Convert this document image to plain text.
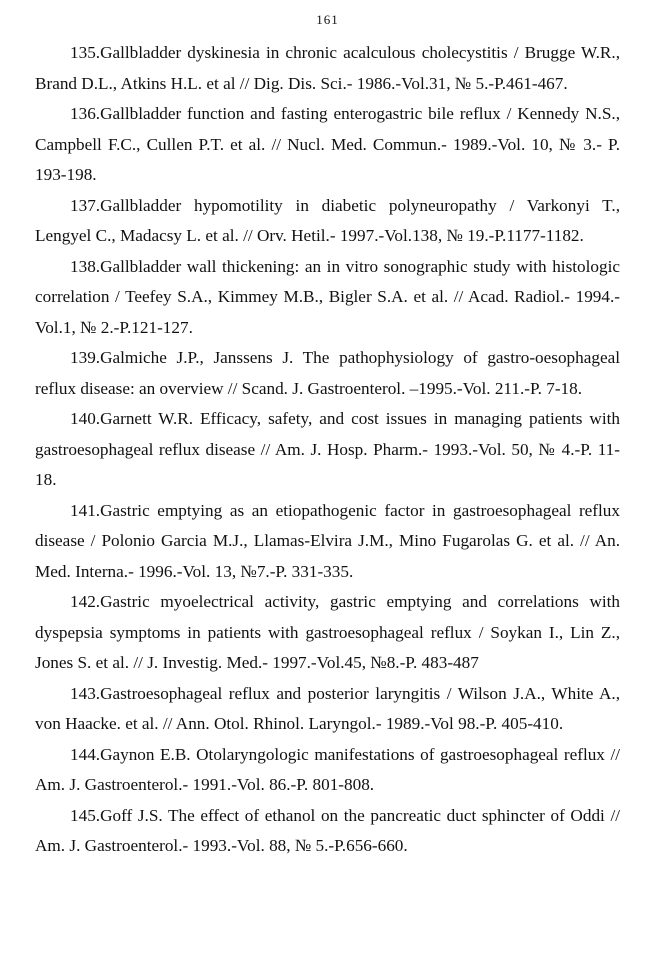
161

135.Gallbladder dyskinesia in chronic acalculous cholecystitis / Brugge W.R., Brand D.L., Atkins H.L. et al // Dig. Dis. Sci.- 1986.-Vol.31, № 5.-P.461-467.

136.Gallbladder function and fasting enterogastric bile reflux / Kennedy N.S., Campbell F.C., Cullen P.T. et al. // Nucl. Med. Commun.- 1989.-Vol. 10, № 3.- P. 193-198.

137.Gallbladder hypomotility in diabetic polyneuropathy / Varkonyi T., Lengyel C., Madacsy L. et al. // Orv. Hetil.- 1997.-Vol.138, № 19.-P.1177-1182.

138.Gallbladder wall thickening: an in vitro sonographic study with histologic correlation / Teefey S.A., Kimmey M.B., Bigler S.A. et al. // Acad. Radiol.- 1994.-Vol.1, № 2.-P.121-127.

139.Galmiche J.P., Janssens J. The pathophysiology of gastro-oesophageal reflux disease: an overview // Scand. J. Gastroenterol. –1995.-Vol. 211.-P. 7-18.

140.Garnett W.R. Efficacy, safety, and cost issues in managing patients with gastroesophageal reflux disease // Am. J. Hosp. Pharm.- 1993.-Vol. 50, № 4.-P. 11-18.

141.Gastric emptying as an etiopathogenic factor in gastroesophageal reflux disease / Polonio Garcia M.J., Llamas-Elvira J.M., Mino Fugarolas G. et al. // An. Med. Interna.- 1996.-Vol. 13, №7.-P. 331-335.

142.Gastric myoelectrical activity, gastric emptying and correlations with dyspepsia symptoms in patients with gastroesophageal reflux / Soykan I., Lin Z., Jones S. et al. // J. Investig. Med.- 1997.-Vol.45, №8.-P. 483-487

143.Gastroesophageal reflux and posterior laryngitis / Wilson J.A., White A., von Haacke. et al. // Ann. Otol. Rhinol. Laryngol.- 1989.-Vol 98.-P. 405-410.

144.Gaynon E.B. Otolaryngologic manifestations of gastroesophageal reflux // Am. J. Gastroenterol.- 1991.-Vol. 86.-P. 801-808.

145.Goff J.S. The effect of ethanol on the pancreatic duct sphincter of Oddi // Am. J. Gastroenterol.- 1993.-Vol. 88, № 5.-P.656-660.
